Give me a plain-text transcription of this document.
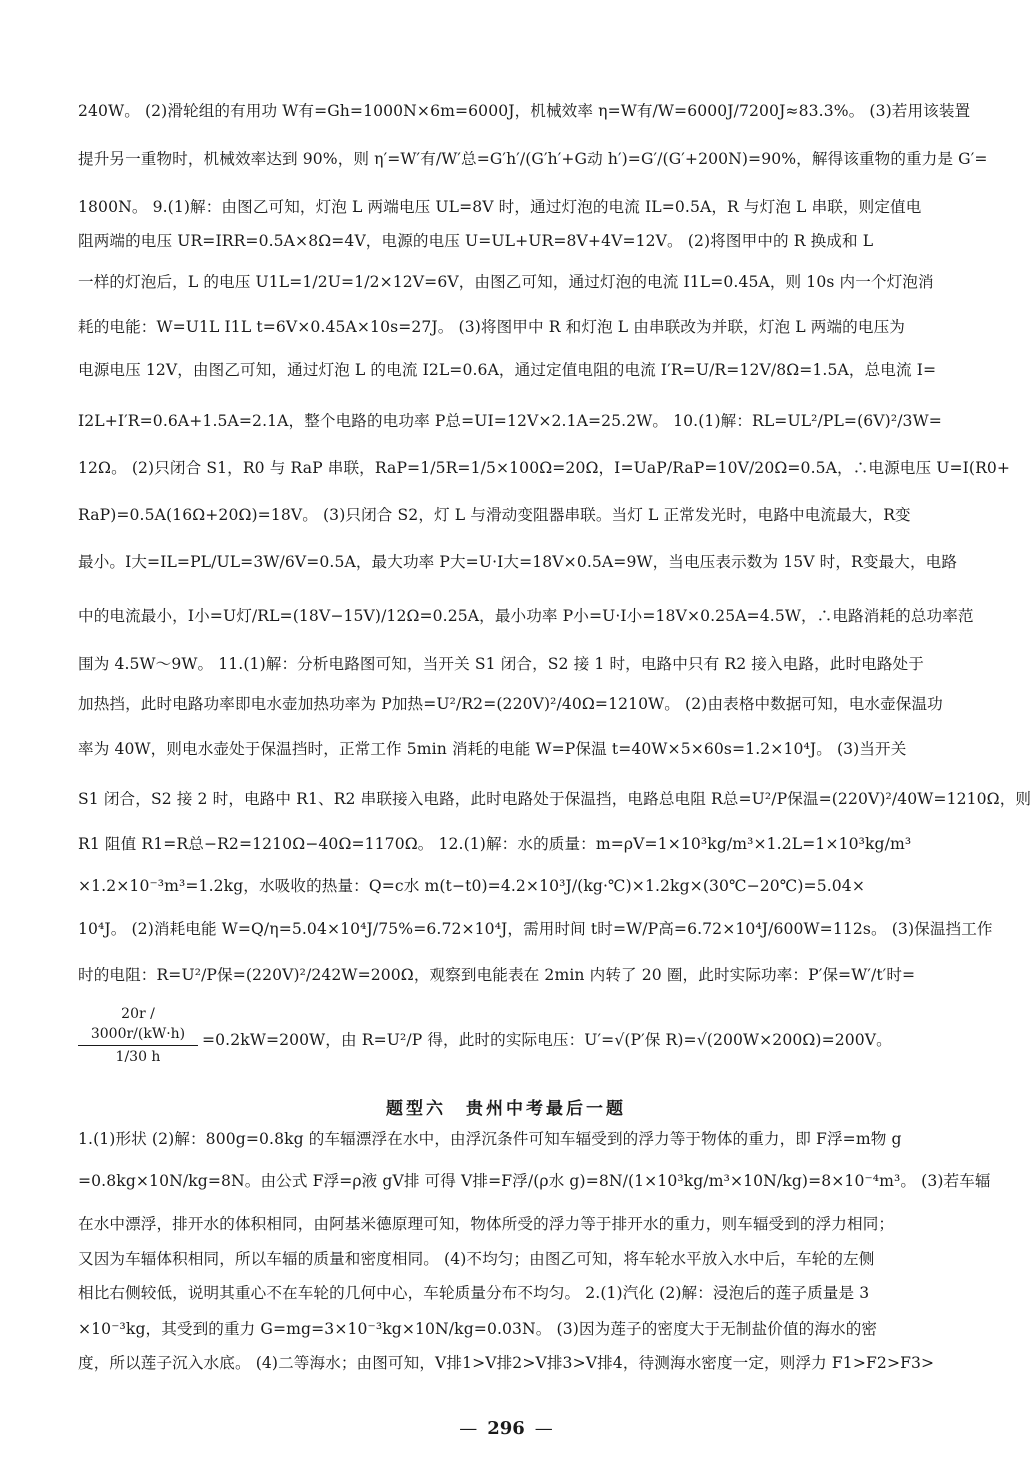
240W。 (2)滑轮组的有用功 W有=Gh=1000N×6m=6000J，机械效率 η=W有/W=6000J/7200J≈83.3%。 (3)若用该装置
提升另一重物时，机械效率达到 90%，则 η′=W′有/W′总=G′h′/(G′h′+G动 h′)=G′/(G′+200N)=90%，解得该重物的重力是 G′=
1800N。 9.(1)解：由图乙可知，灯泡 L 两端电压 UL=8V 时，通过灯泡的电流 IL=0.5A，R 与灯泡 L 串联，则定值电
阻两端的电压 UR=IRR=0.5A×8Ω=4V，电源的电压 U=UL+UR=8V+4V=12V。 (2)将图甲中的 R 换成和 L
一样的灯泡后，L 的电压 U1L=1/2U=1/2×12V=6V，由图乙可知，通过灯泡的电流 I1L=0.45A，则 10s 内一个灯泡消
耗的电能：W=U1L I1L t=6V×0.45A×10s=27J。 (3)将图甲中 R 和灯泡 L 由串联改为并联，灯泡 L 两端的电压为
电源电压 12V，由图乙可知，通过灯泡 L 的电流 I2L=0.6A，通过定值电阻的电流 I′R=U/R=12V/8Ω=1.5A，总电流 I=
I2L+I′R=0.6A+1.5A=2.1A，整个电路的电功率 P总=UI=12V×2.1A=25.2W。 10.(1)解：RL=UL²/PL=(6V)²/3W=
12Ω。 (2)只闭合 S1，R0 与 RaP 串联，RaP=1/5R=1/5×100Ω=20Ω，I=UaP/RaP=10V/20Ω=0.5A，∴电源电压 U=I(R0+
RaP)=0.5A(16Ω+20Ω)=18V。 (3)只闭合 S2，灯 L 与滑动变阻器串联。当灯 L 正常发光时，电路中电流最大，R变
最小。I大=IL=PL/UL=3W/6V=0.5A，最大功率 P大=U·I大=18V×0.5A=9W，当电压表示数为 15V 时，R变最大，电路
中的电流最小，I小=U灯/RL=(18V−15V)/12Ω=0.25A，最小功率 P小=U·I小=18V×0.25A=4.5W，∴电路消耗的总功率范
围为 4.5W～9W。 11.(1)解：分析电路图可知，当开关 S1 闭合，S2 接 1 时，电路中只有 R2 接入电路，此时电路处于
加热挡，此时电路功率即电水壶加热功率为 P加热=U²/R2=(220V)²/40Ω=1210W。 (2)由表格中数据可知，电水壶保温功
率为 40W，则电水壶处于保温挡时，正常工作 5min 消耗的电能 W=P保温 t=40W×5×60s=1.2×10⁴J。 (3)当开关
S1 闭合，S2 接 2 时，电路中 R1、R2 串联接入电路，此时电路处于保温挡，电路总电阻 R总=U²/P保温=(220V)²/40W=1210Ω，则
R1 阻值 R1=R总−R2=1210Ω−40Ω=1170Ω。 12.(1)解：水的质量：m=ρV=1×10³kg/m³×1.2L=1×10³kg/m³
×1.2×10⁻³m³=1.2kg，水吸收的热量：Q=c水 m(t−t0)=4.2×10³J/(kg·℃)×1.2kg×(30℃−20℃)=5.04×
10⁴J。 (2)消耗电能 W=Q/η=5.04×10⁴J/75%=6.72×10⁴J，需用时间 t时=W/P高=6.72×10⁴J/600W=112s。 (3)保温挡工作
时的电阻：R=U²/P保=(220V)²/242W=200Ω，观察到电能表在 2min 内转了 20 圈，此时实际功率：P′保=W′/t′时=
20r / 3000r/(kW·h)
1/30 h
=0.2kW=200W，由 R=U²/P 得，此时的实际电压：U′=√(P′保 R)=√(200W×200Ω)=200V。
题型六　贵州中考最后一题
1.(1)形状 (2)解：800g=0.8kg 的车辐漂浮在水中，由浮沉条件可知车辐受到的浮力等于物体的重力，即 F浮=m物 g
=0.8kg×10N/kg=8N。由公式 F浮=ρ液 gV排 可得 V排=F浮/(ρ水 g)=8N/(1×10³kg/m³×10N/kg)=8×10⁻⁴m³。 (3)若车辐
在水中漂浮，排开水的体积相同，由阿基米德原理可知，物体所受的浮力等于排开水的重力，则车辐受到的浮力相同；
又因为车辐体积相同，所以车辐的质量和密度相同。 (4)不均匀；由图乙可知，将车轮水平放入水中后，车轮的左侧
相比右侧较低，说明其重心不在车轮的几何中心，车轮质量分布不均匀。 2.(1)汽化 (2)解：浸泡后的莲子质量是 3
×10⁻³kg，其受到的重力 G=mg=3×10⁻³kg×10N/kg=0.03N。 (3)因为莲子的密度大于无制盐价值的海水的密
度，所以莲子沉入水底。 (4)二等海水；由图可知，V排1>V排2>V排3>V排4，待测海水密度一定，则浮力 F1>F2>F3>
— 296 —
